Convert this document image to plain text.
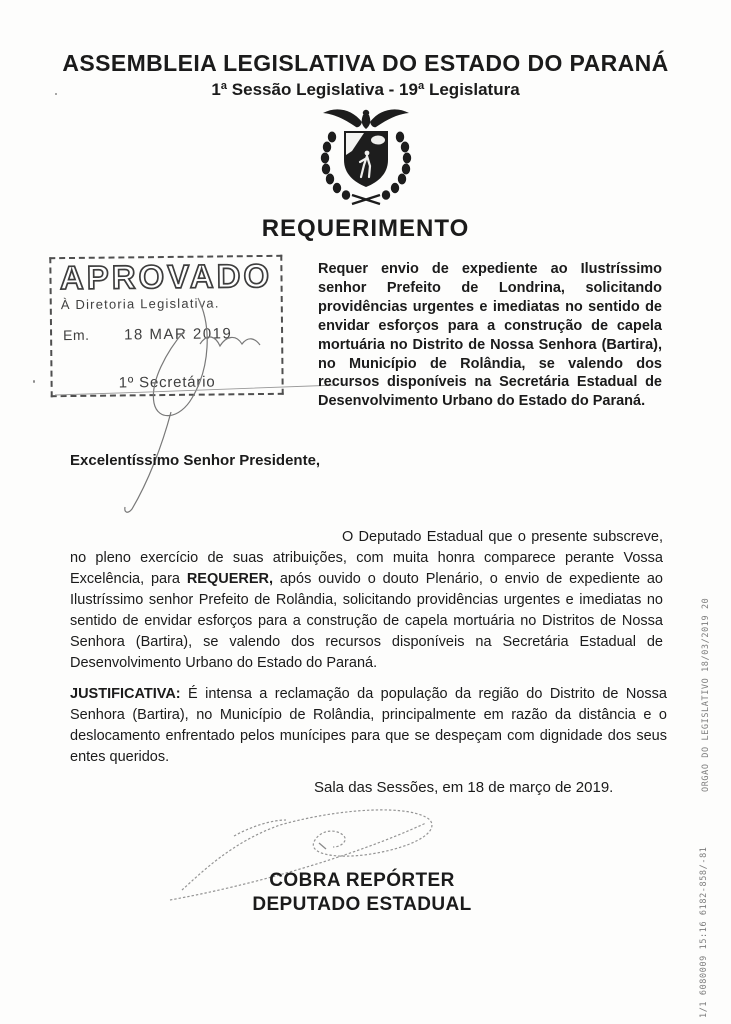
ASSEMBLEIA LEGISLATIVA DO ESTADO DO PARANÁ
1ª Sessão Legislativa - 19ª Legislatura
REQUERIMENTO
APROVADO
À Diretoria Legislativa.
Em. 18 MAR 2019
1º Secretário
Requer envio de expediente ao Ilustríssimo senhor Prefeito de Londrina, solicitando providências urgentes e imediatas no sentido de envidar esforços para a construção de capela mortuária no Distrito de Nossa Senhora (Bartira), no Município de Rolândia, se valendo dos recursos disponíveis na Secretária Estadual de Desenvolvimento Urbano do Estado do Paraná.
Excelentíssimo Senhor Presidente,

O Deputado Estadual que o presente subscreve, no pleno exercício de suas atribuições, com muita honra comparece perante Vossa Excelência, para REQUERER, após ouvido o douto Plenário, o envio de expediente ao Ilustríssimo senhor Prefeito de Rolândia, solicitando providências urgentes e imediatas no sentido de envidar esforços para a construção de capela mortuária no Distritos de Nossa Senhora (Bartira), se valendo dos recursos disponíveis na Secretária Estadual de Desenvolvimento Urbano do Estado do Paraná.

JUSTIFICATIVA: É intensa a reclamação da população da região do Distrito de Nossa Senhora (Bartira), no Município de Rolândia, principalmente em razão da distância e o deslocamento enfrentado pelos munícipes para que se despeçam com dignidade dos seus entes queridos.

Sala das Sessões, em 18 de março de 2019.
COBRA REPÓRTER
DEPUTADO ESTADUAL
ORGAO DO LEGISLATIVO 18/03/2019 20
1/1 6080009 15:16 6182-858/-81
